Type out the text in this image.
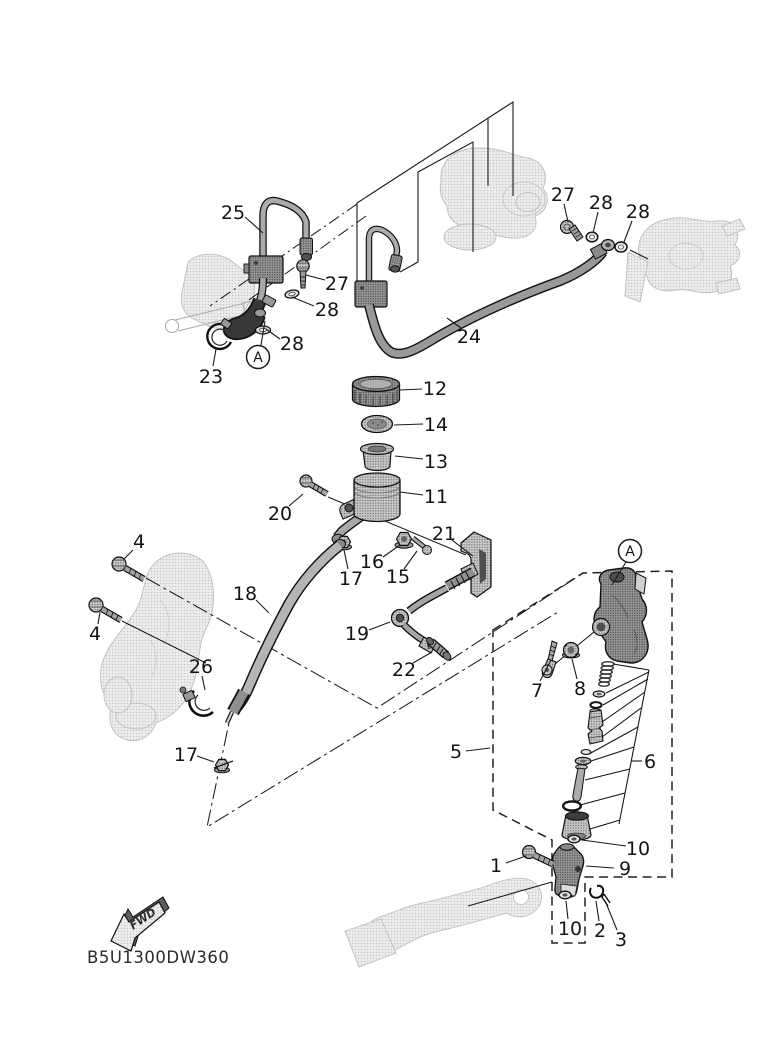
FWD
B5U1300DW360
25
27
28
28
23
27 28 28
24
12
14
13
11
20
21
16
15
17
18
19
4
4
26	22
7 8
5	6
10
9
1
10 2 3
17
A
A
